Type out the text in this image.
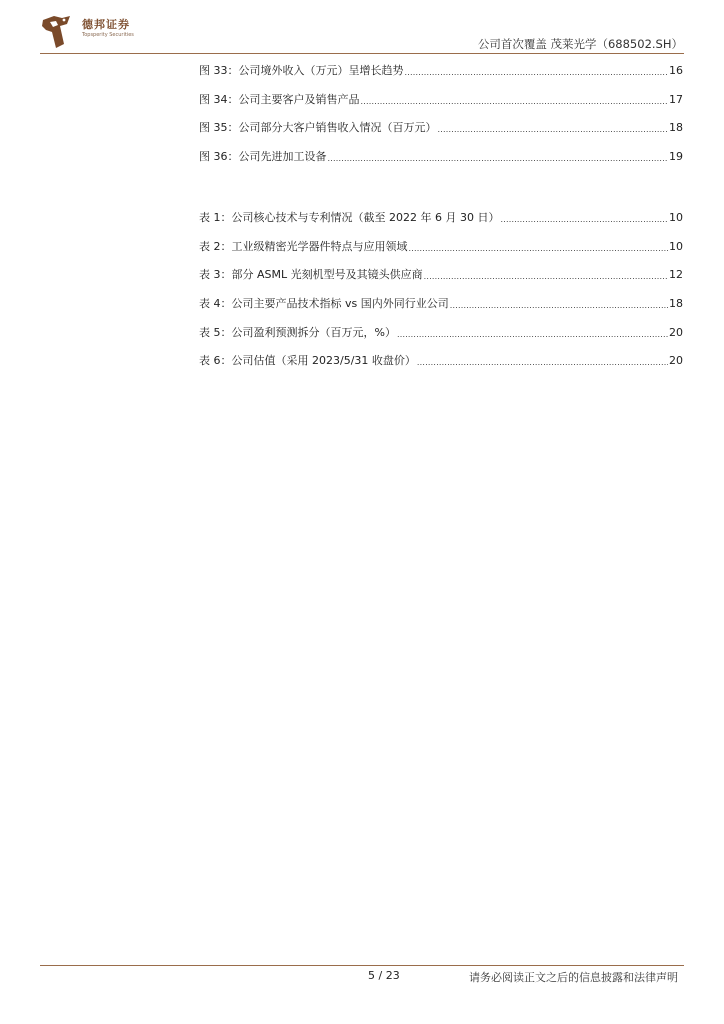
德邦证券
Topsperity Securities
公司首次覆盖 茂莱光学（688502.SH）
图 33：公司境外收入（万元）呈增长趋势 .....	16
图 34：公司主要客户及销售产品 .....	17
图 35：公司部分大客户销售收入情况（百万元） .....	18
图 36：公司先进加工设备 .....	19
表 1：公司核心技术与专利情况（截至 2022 年 6 月 30 日） .....	10
表 2：工业级精密光学器件特点与应用领域 .....	10
表 3：部分 ASML 光刻机型号及其镜头供应商 .....	12
表 4：公司主要产品技术指标 vs 国内外同行业公司 .....	18
表 5：公司盈利预测拆分（百万元，%） .....	20
表 6：公司估值（采用 2023/5/31 收盘价） .....	20
5 / 23	请务必阅读正文之后的信息披露和法律声明
